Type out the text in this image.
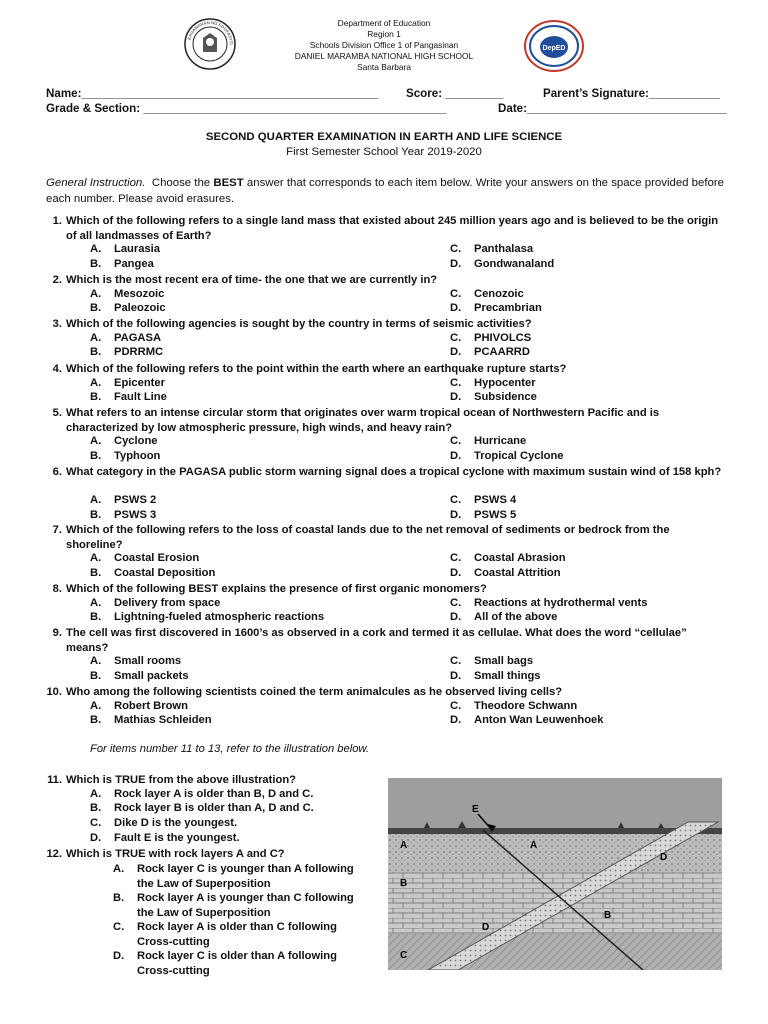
KAGAWARAN NG EDUKASYO
DepED
Department of Education
Region 1
Schools Division Office 1 of Pangasinan
DANIEL MARAMBA NATIONAL HIGH SCHOOL
Santa Barbara
Name:______________________________________________ Score: _________	Parent’s Signature:___________
Grade & Section: _______________________________________________	Date:_______________________________
SECOND QUARTER EXAMINATION IN EARTH AND LIFE SCIENCE
First Semester School Year 2019-2020
General Instruction. Choose the BEST answer that corresponds to each item below. Write your answers on the space provided before each number. Please avoid erasures.
1. Which of the following refers to a single land mass that existed about 245 million years ago and is believed to be the origin of all landmasses of Earth?
A. Laurasia	C. Panthalasa
B. Pangea	D. Gondwanaland
2. Which is the most recent era of time- the one that we are currently in?
A. Mesozoic	C. Cenozoic
B. Paleozoic	D. Precambrian
3. Which of the following agencies is sought by the country in terms of seismic activities?
A. PAGASA	C. PHIVOLCS
B. PDRRMC	D. PCAARRD
4. Which of the following refers to the point within the earth where an earthquake rupture starts?
A. Epicenter	C. Hypocenter
B. Fault Line	D. Subsidence
5. What refers to an intense circular storm that originates over warm tropical ocean of Northwestern Pacific and is characterized by low atmospheric pressure, high winds, and heavy rain?
A. Cyclone	C. Hurricane
B. Typhoon	D. Tropical Cyclone
6. What category in the PAGASA public storm warning signal does a tropical cyclone with maximum sustain wind of 158 kph?
A. PSWS 2	C. PSWS 4
B. PSWS 3	D. PSWS 5
7. Which of the following refers to the loss of coastal lands due to the net removal of sediments or bedrock from the shoreline?
A. Coastal Erosion	C. Coastal Abrasion
B. Coastal Deposition	D. Coastal Attrition
8. Which of the following BEST explains the presence of first organic monomers?
A. Delivery from space	C. Reactions at hydrothermal vents
B. Lightning-fueled atmospheric reactions	D. All of the above
9. The cell was first discovered in 1600’s as observed in a cork and termed it as cellulae. What does the word “cellulae” means?
A. Small rooms	C. Small bags
B. Small packets	D. Small things
10. Who among the following scientists coined the term animalcules as he observed living cells?
A. Robert Brown	C. Theodore Schwann
B. Mathias Schleiden	D. Anton Wan Leuwenhoek
For items number 11 to 13, refer to the illustration below.
11. Which is TRUE from the above illustration?
A. Rock layer A is older than B, D and C.
B. Rock layer B is older than A, D and C.
C. Dike D is the youngest.
D. Fault E is the youngest.
12. Which is TRUE with rock layers A and C?
A. Rock layer C is younger than A following
the Law of Superposition
B. Rock layer A is younger than C following
the Law of Superposition
C. Rock layer A is older than C following
Cross-cutting
D. Rock layer C is older than A following
Cross-cutting
E
A	A
B
B
C
D
D
